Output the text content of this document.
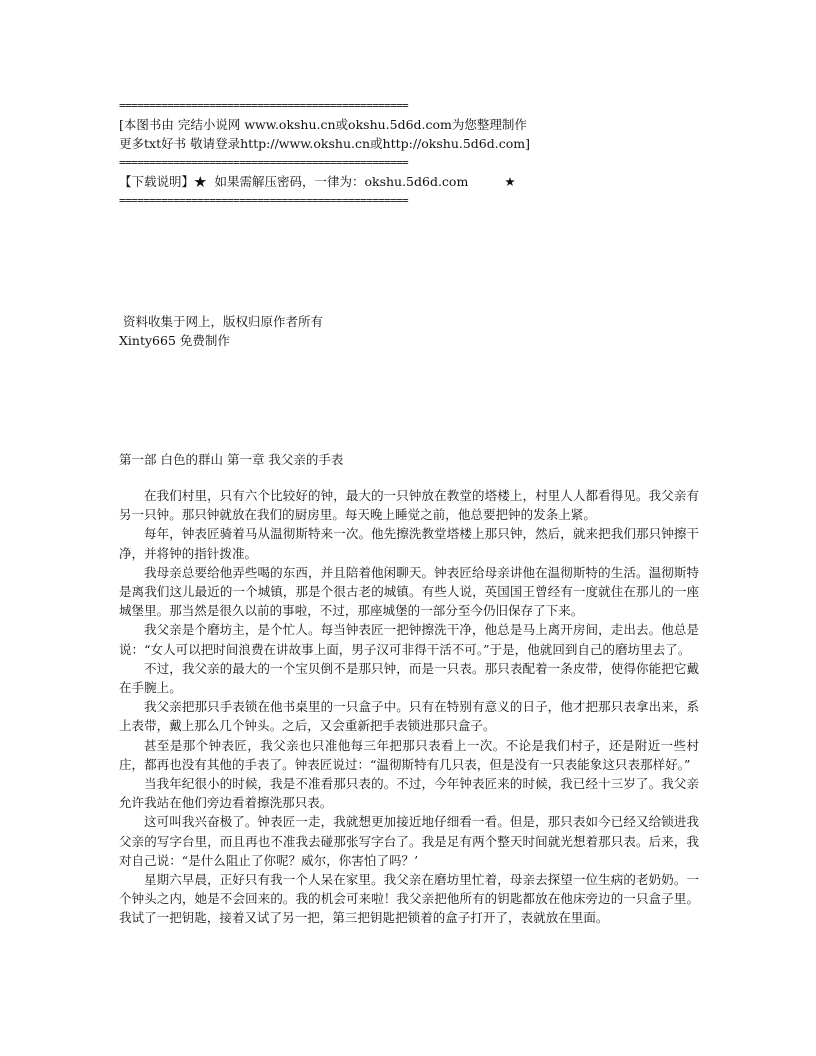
================================================
[本图书由 完结小说网 www.okshu.cn或okshu.5d6d.com为您整理制作
更多txt好书 敬请登录http://www.okshu.cn或http://okshu.5d6d.com]
================================================
【下载说明】★  如果需解压密码，一律为：okshu.5d6d.com	★
================================================
资料收集于网上，版权归原作者所有
Xinty665 免费制作
第一部 白色的群山 第一章 我父亲的手表

在我们村里，只有六个比较好的钟，最大的一只钟放在教堂的塔楼上，村里人人都看得见。我父亲有另一只钟。那只钟就放在我们的厨房里。每天晚上睡觉之前，他总要把钟的发条上紧。

每年，钟表匠骑着马从温彻斯特来一次。他先擦洗教堂塔楼上那只钟，然后，就来把我们那只钟擦干净，并将钟的指针拨准。

我母亲总要给他弄些喝的东西，并且陪着他闲聊天。钟表匠给母亲讲他在温彻斯特的生活。温彻斯特是离我们这儿最近的一个城镇，那是个很古老的城镇。有些人说，英国国王曾经有一度就住在那儿的一座城堡里。那当然是很久以前的事啦，不过，那座城堡的一部分至今仍旧保存了下来。

我父亲是个磨坊主，是个忙人。每当钟表匠一把钟擦洗干净，他总是马上离开房间，走出去。他总是说：“女人可以把时间浪费在讲故事上面，男子汉可非得干活不可。”于是，他就回到自己的磨坊里去了。

不过，我父亲的最大的一个宝贝倒不是那只钟，而是一只表。那只表配着一条皮带，使得你能把它戴在手腕上。

我父亲把那只手表锁在他书桌里的一只盒子中。只有在特别有意义的日子，他才把那只表拿出来，系上表带，戴上那么几个钟头。之后，又会重新把手表锁进那只盒子。

甚至是那个钟表匠，我父亲也只准他每三年把那只表看上一次。不论是我们村子，还是附近一些村庄，都再也没有其他的手表了。钟表匠说过：“温彻斯特有几只表，但是没有一只表能象这只表那样好。”

当我年纪很小的时候，我是不准看那只表的。不过，今年钟表匠来的时候，我已经十三岁了。我父亲允许我站在他们旁边看着擦洗那只表。

这可叫我兴奋极了。钟表匠一走，我就想更加接近地仔细看一看。但是，那只表如今已经又给锁进我父亲的写字台里，而且再也不准我去碰那张写字台了。我是足有两个整天时间就光想着那只表。后来，我对自己说：“是什么阻止了你呢？威尔，你害怕了吗？’

星期六早晨，正好只有我一个人呆在家里。我父亲在磨坊里忙着，母亲去探望一位生病的老奶奶。一个钟头之内，她是不会回来的。我的机会可来啦！我父亲把他所有的钥匙都放在他床旁边的一只盒子里。我试了一把钥匙，接着又试了另一把，第三把钥匙把锁着的盒子打开了，表就放在里面。
